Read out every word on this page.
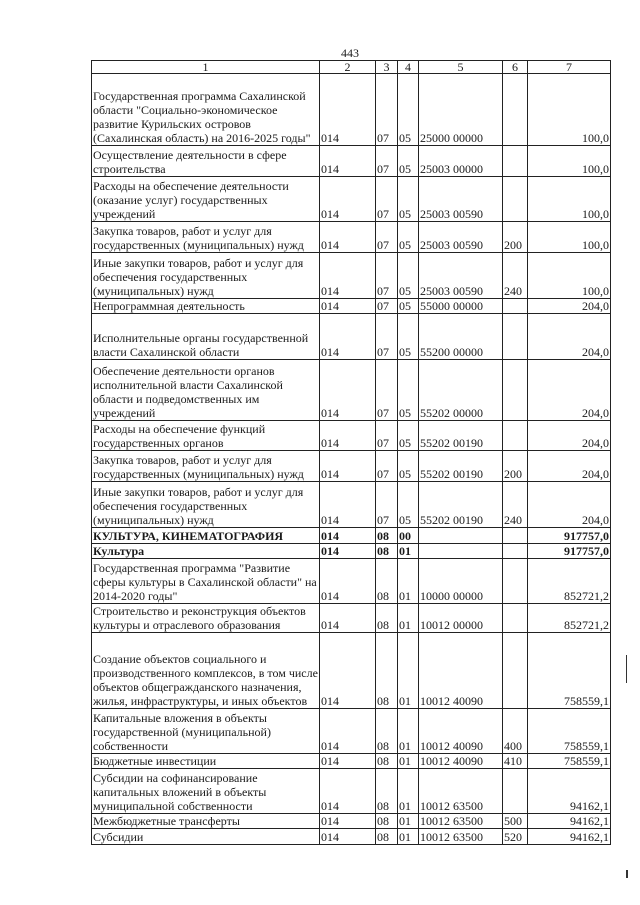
443
1	2	3	4	5	6	7
Государственная программа Сахалинской области "Социально-экономическое развитие Курильских островов (Сахалинская область) на 2016-2025 годы"	014	07	05	25000 00000		100,0
Осуществление деятельности в сфере строительства	014	07	05	25003 00000		100,0
Расходы на обеспечение деятельности (оказание услуг) государственных учреждений	014	07	05	25003 00590		100,0
Закупка товаров, работ и услуг для государственных (муниципальных) нужд	014	07	05	25003 00590	200	100,0
Иные закупки товаров, работ и услуг для обеспечения государственных (муниципальных) нужд	014	07	05	25003 00590	240	100,0
Непрограммная деятельность	014	07	05	55000 00000		204,0
Исполнительные органы государственной власти Сахалинской области	014	07	05	55200 00000		204,0
Обеспечение деятельности органов исполнительной власти Сахалинской области и подведомственных им учреждений	014	07	05	55202 00000		204,0
Расходы на обеспечение функций государственных органов	014	07	05	55202 00190		204,0
Закупка товаров, работ и услуг для государственных (муниципальных) нужд	014	07	05	55202 00190	200	204,0
Иные закупки товаров, работ и услуг для обеспечения государственных (муниципальных) нужд	014	07	05	55202 00190	240	204,0
КУЛЬТУРА, КИНЕМАТОГРАФИЯ	014	08	00			917757,0
Культура	014	08	01			917757,0
Государственная программа "Развитие сферы культуры в Сахалинской области" на 2014-2020 годы"	014	08	01	10000 00000		852721,2
Строительство и реконструкция объектов культуры и отраслевого образования	014	08	01	10012 00000		852721,2
Создание объектов социального и производственного комплексов, в том числе объектов общегражданского назначения, жилья, инфраструктуры, и иных объектов	014	08	01	10012 40090		758559,1
Капитальные вложения в объекты государственной (муниципальной) собственности	014	08	01	10012 40090	400	758559,1
Бюджетные инвестиции	014	08	01	10012 40090	410	758559,1
Субсидии на софинансирование капитальных вложений в объекты муниципальной собственности	014	08	01	10012 63500		94162,1
Межбюджетные трансферты	014	08	01	10012 63500	500	94162,1
Субсидии	014	08	01	10012 63500	520	94162,1
